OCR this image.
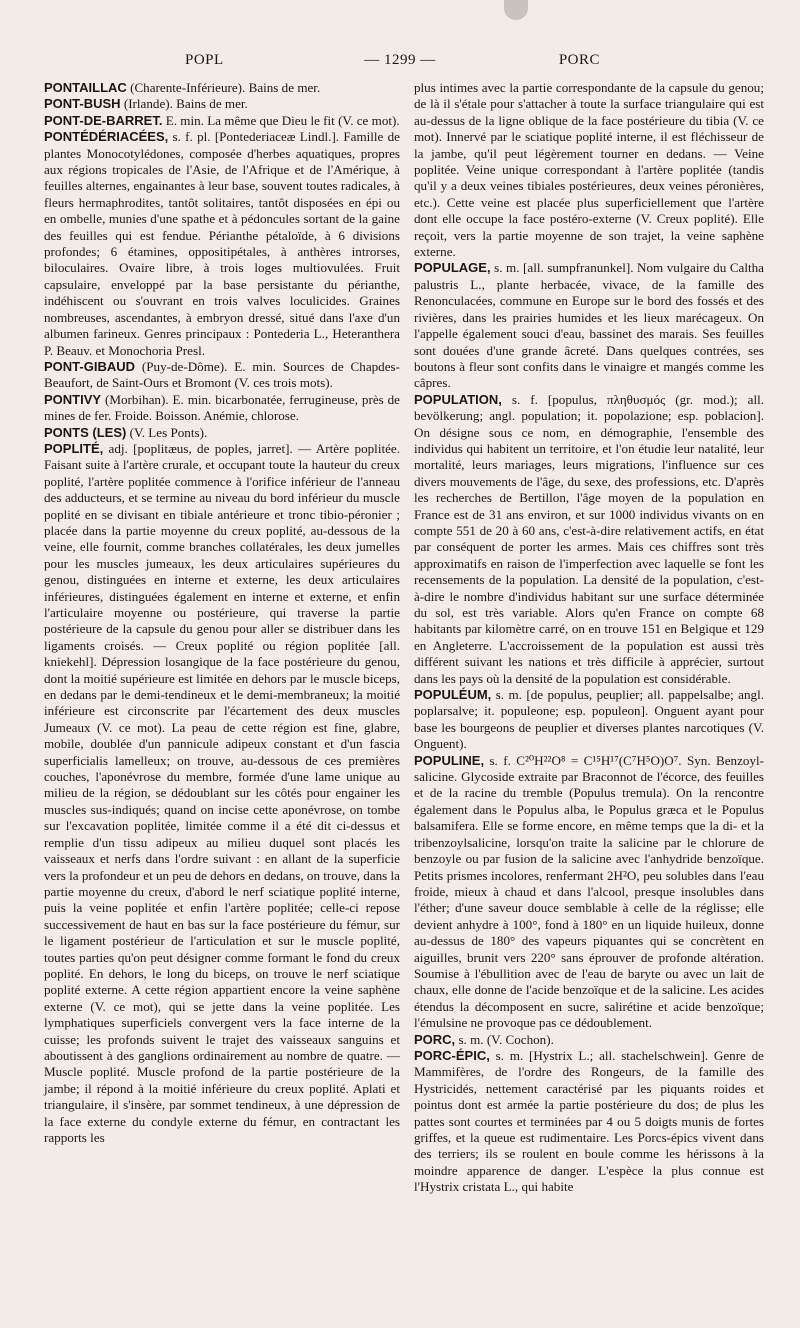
POPL	— 1299 —	PORC

PONTAILLAC (Charente-Inférieure). Bains de mer.

PONT-BUSH (Irlande). Bains de mer.

PONT-DE-BARRET. E. min. La même que Dieu le fit (V. ce mot).

PONTÉDÉRIACÉES, s. f. pl. [Pontederiaceæ Lindl.]. Famille de plantes Monocotylédones, composée d'herbes aquatiques, propres aux régions tropicales de l'Asie, de l'Afrique et de l'Amérique, à feuilles alternes, engainantes à leur base, souvent toutes radicales, à fleurs hermaphrodites, tantôt solitaires, tantôt disposées en épi ou en ombelle, munies d'une spathe et à pédoncules sortant de la gaine des feuilles qui est fendue. Périanthe pétaloïde, à 6 divisions profondes; 6 étamines, oppositipétales, à anthères introrses, biloculaires. Ovaire libre, à trois loges multiovulées. Fruit capsulaire, enveloppé par la base persistante du périanthe, indéhiscent ou s'ouvrant en trois valves loculicides. Graines nombreuses, ascendantes, à embryon dressé, situé dans l'axe d'un albumen farineux. Genres principaux : Pontederia L., Heteranthera P. Beauv. et Monochoria Presl.

PONT-GIBAUD (Puy-de-Dôme). E. min. Sources de Chapdes-Beaufort, de Saint-Ours et Bromont (V. ces trois mots).

PONTIVY (Morbihan). E. min. bicarbonatée, ferrugineuse, près de mines de fer. Froide. Boisson. Anémie, chlorose.

PONTS (LES) (V. Les Ponts).

POPLITÉ, adj. [poplitæus, de poples, jarret]. — Artère poplitée. Faisant suite à l'artère crurale, et occupant toute la hauteur du creux poplité, l'artère poplitée commence à l'orifice inférieur de l'anneau des adducteurs, et se termine au niveau du bord inférieur du muscle poplité en se divisant en tibiale antérieure et tronc tibio-péronier ; placée dans la partie moyenne du creux poplité, au-dessous de la veine, elle fournit, comme branches collatérales, les deux jumelles pour les muscles jumeaux, les deux articulaires supérieures du genou, distinguées en interne et externe, les deux articulaires inférieures, distinguées également en interne et externe, et enfin l'articulaire moyenne ou postérieure, qui traverse la partie postérieure de la capsule du genou pour aller se distribuer dans les ligaments croisés. — Creux poplité ou région poplitée [all. kniekehl]. Dépression losangique de la face postérieure du genou, dont la moitié supérieure est limitée en dehors par le muscle biceps, en dedans par le demi-tendineux et le demi-membraneux; la moitié inférieure est circonscrite par l'écartement des deux muscles Jumeaux (V. ce mot). La peau de cette région est fine, glabre, mobile, doublée d'un pannicule adipeux constant et d'un fascia superficialis lamelleux; on trouve, au-dessous de ces premières couches, l'aponévrose du membre, formée d'une lame unique au milieu de la région, se dédoublant sur les côtés pour engainer les muscles sus-indiqués; quand on incise cette aponévrose, on tombe sur l'excavation poplitée, limitée comme il a été dit ci-dessus et remplie d'un tissu adipeux au milieu duquel sont placés les vaisseaux et nerfs dans l'ordre suivant : en allant de la superficie vers la profondeur et un peu de dehors en dedans, on trouve, dans la partie moyenne du creux, d'abord le nerf sciatique poplité interne, puis la veine poplitée et enfin l'artère poplitée; celle-ci repose successivement de haut en bas sur la face postérieure du fémur, sur le ligament postérieur de l'articulation et sur le muscle poplité, toutes parties qu'on peut désigner comme formant le fond du creux poplité. En dehors, le long du biceps, on trouve le nerf sciatique poplité externe. A cette région appartient encore la veine saphène externe (V. ce mot), qui se jette dans la veine poplitée. Les lymphatiques superficiels convergent vers la face interne de la cuisse; les profonds suivent le trajet des vaisseaux sanguins et aboutissent à des ganglions ordinairement au nombre de quatre. — Muscle poplité. Muscle profond de la partie postérieure de la jambe; il répond à la moitié inférieure du creux poplité. Aplati et triangulaire, il s'insère, par sommet tendineux, à une dépression de la face externe du condyle externe du fémur, en contractant les rapports les

plus intimes avec la partie correspondante de la capsule du genou; de là il s'étale pour s'attacher à toute la surface triangulaire qui est au-dessus de la ligne oblique de la face postérieure du tibia (V. ce mot). Innervé par le sciatique poplité interne, il est fléchisseur de la jambe, qu'il peut légèrement tourner en dedans. — Veine poplitée. Veine unique correspondant à l'artère poplitée (tandis qu'il y a deux veines tibiales postérieures, deux veines péronières, etc.). Cette veine est placée plus superficiellement que l'artère dont elle occupe la face postéro-externe (V. Creux poplité). Elle reçoit, vers la partie moyenne de son trajet, la veine saphène externe.

POPULAGE, s. m. [all. sumpfranunkel]. Nom vulgaire du Caltha palustris L., plante herbacée, vivace, de la famille des Renonculacées, commune en Europe sur le bord des fossés et des rivières, dans les prairies humides et les lieux marécageux. On l'appelle également souci d'eau, bassinet des marais. Ses feuilles sont douées d'une grande âcreté. Dans quelques contrées, ses boutons à fleur sont confits dans le vinaigre et mangés comme les câpres.

POPULATION, s. f. [populus, πληθυσμός (gr. mod.); all. bevölkerung; angl. population; it. popolazione; esp. poblacion]. On désigne sous ce nom, en démographie, l'ensemble des individus qui habitent un territoire, et l'on étudie leur natalité, leur mortalité, leurs mariages, leurs migrations, l'influence sur ces divers mouvements de l'âge, du sexe, des professions, etc. D'après les recherches de Bertillon, l'âge moyen de la population en France est de 31 ans environ, et sur 1000 individus vivants on en compte 551 de 20 à 60 ans, c'est-à-dire relativement actifs, en état par conséquent de porter les armes. Mais ces chiffres sont très approximatifs en raison de l'imperfection avec laquelle se font les recensements de la population. La densité de la population, c'est-à-dire le nombre d'individus habitant sur une surface déterminée du sol, est très variable. Alors qu'en France on compte 68 habitants par kilomètre carré, on en trouve 151 en Belgique et 129 en Angleterre. L'accroissement de la population est aussi très différent suivant les nations et très difficile à apprécier, surtout dans les pays où la densité de la population est considérable.

POPULÉUM, s. m. [de populus, peuplier; all. pappelsalbe; angl. poplarsalve; it. populeone; esp. populeon]. Onguent ayant pour base les bourgeons de peuplier et diverses plantes narcotiques (V. Onguent).

POPULINE, s. f. C²⁰H²²O⁸ = C¹⁵H¹⁷(C⁷H⁵O)O⁷. Syn. Benzoyl-salicine. Glycoside extraite par Braconnot de l'écorce, des feuilles et de la racine du tremble (Populus tremula). On la rencontre également dans le Populus alba, le Populus græca et le Populus balsamifera. Elle se forme encore, en même temps que la di- et la tribenzoylsalicine, lorsqu'on traite la salicine par le chlorure de benzoyle ou par fusion de la salicine avec l'anhydride benzoïque. Petits prismes incolores, renfermant 2H²O, peu solubles dans l'eau froide, mieux à chaud et dans l'alcool, presque insolubles dans l'éther; d'une saveur douce semblable à celle de la réglisse; elle devient anhydre à 100°, fond à 180° en un liquide huileux, donne au-dessus de 180° des vapeurs piquantes qui se concrètent en aiguilles, brunit vers 220° sans éprouver de profonde altération. Soumise à l'ébullition avec de l'eau de baryte ou avec un lait de chaux, elle donne de l'acide benzoïque et de la salicine. Les acides étendus la décomposent en sucre, salirétine et acide benzoïque; l'émulsine ne provoque pas ce dédoublement.

PORC, s. m. (V. Cochon).

PORC-ÉPIC, s. m. [Hystrix L.; all. stachelschwein]. Genre de Mammifères, de l'ordre des Rongeurs, de la famille des Hystricidés, nettement caractérisé par les piquants roides et pointus dont est armée la partie postérieure du dos; de plus les pattes sont courtes et terminées par 4 ou 5 doigts munis de fortes griffes, et la queue est rudimentaire. Les Porcs-épics vivent dans des terriers; ils se roulent en boule comme les hérissons à la moindre apparence de danger. L'espèce la plus connue est l'Hystrix cristata L., qui habite
